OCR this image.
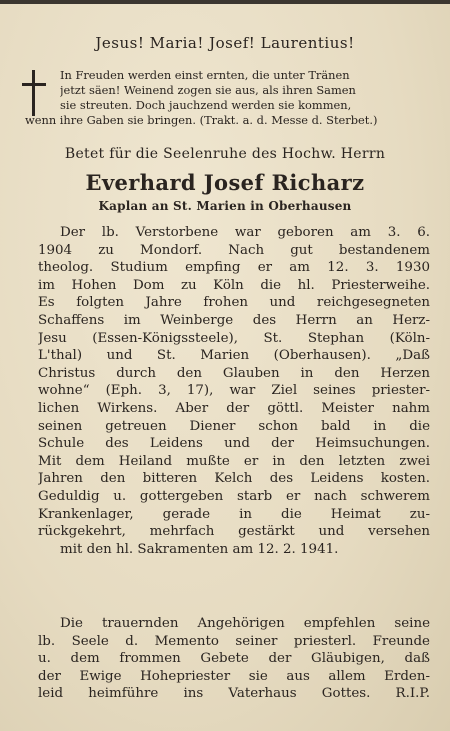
Jesus! Maria! Josef! Laurentius!
In Freuden werden einst ernten, die unter Tränen
jetzt säen! Weinend zogen sie aus, als ihren Samen
sie streuten. Doch jauchzend werden sie kommen,
wenn ihre Gaben sie bringen. (Trakt. a. d. Messe d. Sterbet.)
Betet für die Seelenruhe des Hochw. Herrn
Everhard Josef Richarz
Kaplan an St. Marien in Oberhausen
Der lb. Verstorbene war geboren am 3. 6.
1904 zu Mondorf. Nach gut bestandenem
theolog. Studium empfing er am 12. 3. 1930
im Hohen Dom zu Köln die hl. Priesterweihe.
Es folgten Jahre frohen und reichgesegneten
Schaffens im Weinberge des Herrn an Herz-
Jesu (Essen-Königssteele), St. Stephan (Köln-
L'thal) und St. Marien (Oberhausen). „Daß
Christus durch den Glauben in den Herzen
wohne“ (Eph. 3, 17), war Ziel seines priester-
lichen Wirkens. Aber der göttl. Meister nahm
seinen getreuen Diener schon bald in die
Schule des Leidens und der Heimsuchungen.
Mit dem Heiland mußte er in den letzten zwei
Jahren den bitteren Kelch des Leidens kosten.
Geduldig u. gottergeben starb er nach schwerem
Krankenlager, gerade in die Heimat zu-
rückgekehrt, mehrfach gestärkt und versehen
mit den hl. Sakramenten am 12. 2. 1941.
Die trauernden Angehörigen empfehlen seine
lb. Seele d. Memento seiner priesterl. Freunde
u. dem frommen Gebete der Gläubigen, daß
der Ewige Hohepriester sie aus allem Erden-
leid heimführe ins Vaterhaus Gottes. R.I.P.
